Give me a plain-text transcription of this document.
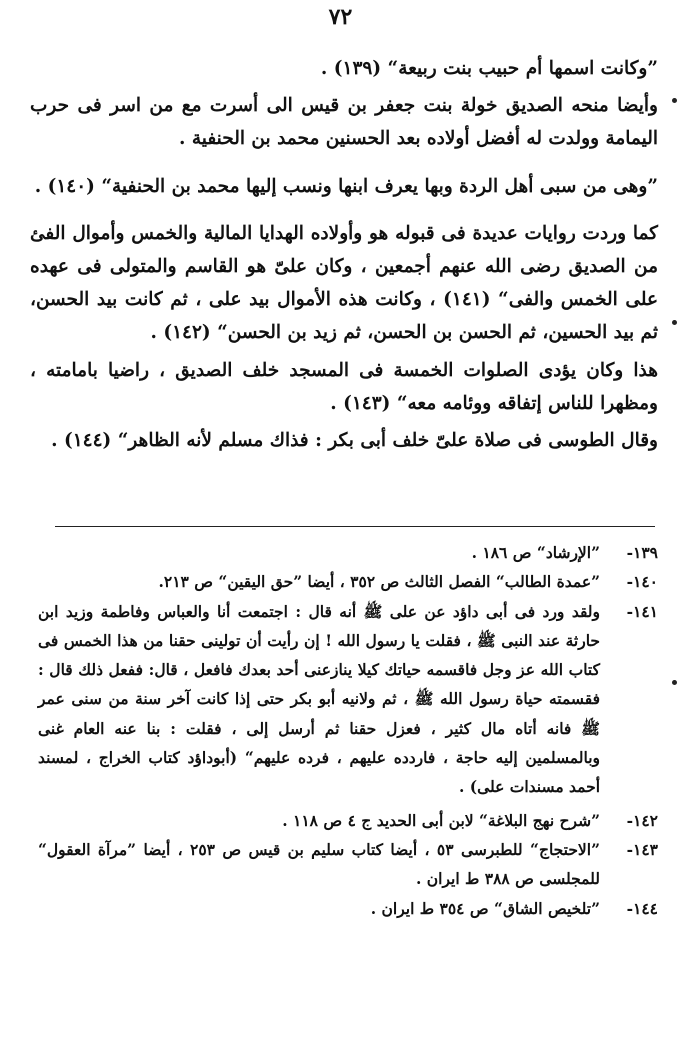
٧٢

”وكانت اسمها أم حبيب بنت ربيعة“ (١٣٩) .

وأيضا منحه الصديق خولة بنت جعفر بن قيس الى أسرت مع من اسر فى حرب اليمامة وولدت له أفضل أولاده بعد الحسنين محمد بن الحنفية .

”وهى من سبى أهل الردة وبها يعرف ابنها ونسب إليها محمد بن الحنفية“ (١٤٠) .

كما وردت روايات عديدة فى قبوله هو وأولاده الهدايا المالية والخمس وأموال الفئ من الصديق رضى الله عنهم أجمعين ، وكان علىّ هو القاسم والمتولى فى عهده على الخمس والفى“ (١٤١) ، وكانت هذه الأموال بيد على ، ثم كانت بيد الحسن، ثم بيد الحسين، ثم الحسن بن الحسن، ثم زيد بن الحسن“ (١٤٢) .

هذا وكان يؤدى الصلوات الخمسة فى المسجد خلف الصديق ، راضيا بامامته ، ومظهرا للناس إتفاقه ووئامه معه“ (١٤٣) .

وقال الطوسى فى صلاة علىّ خلف أبى بكر : فذاك مسلم لأنه الظاهر“ (١٤٤) .

١٣٩-
”الإرشاد“ ص ١٨٦ .
١٤٠-
”عمدة الطالب“ الفصل الثالث ص ٣٥٢ ، أيضا ”حق اليقين“ ص ٢١٣.
١٤١-
ولقد ورد فى أبى داؤد عن على ﷺ أنه قال : اجتمعت أنا والعباس وفاطمة وزيد ابن حارثة عند النبى ﷺ ، فقلت يا رسول الله ! إن رأيت أن تولينى حقنا من هذا الخمس فى كتاب الله عز وجل فاقسمه حياتك كيلا ينازعنى أحد بعدك فافعل ، قال: ففعل ذلك قال : فقسمته حياة رسول الله ﷺ ، ثم ولانيه أبو بكر حتى إذا كانت آخر سنة من سنى عمر ﷺ فانه أتاه مال كثير ، فعزل حقنا ثم أرسل إلى ، فقلت : بنا عنه العام غنى وبالمسلمين إليه حاجة ، فاردده عليهم ، فرده عليهم“ (أبوداؤد كتاب الخراج ، لمسند أحمد مسندات على) .
١٤٢-
”شرح نهج البلاغة“ لابن أبى الحديد ج ٤ ص ١١٨ .
١٤٣-
”الاحتجاج“ للطبرسى ٥٣ ، أيضا كتاب سليم بن قيس ص ٢٥٣ ، أيضا ”مرآة العقول“ للمجلسى ص ٣٨٨ ط ايران .
١٤٤-
”تلخيص الشاق“ ص ٣٥٤ ط ايران .
